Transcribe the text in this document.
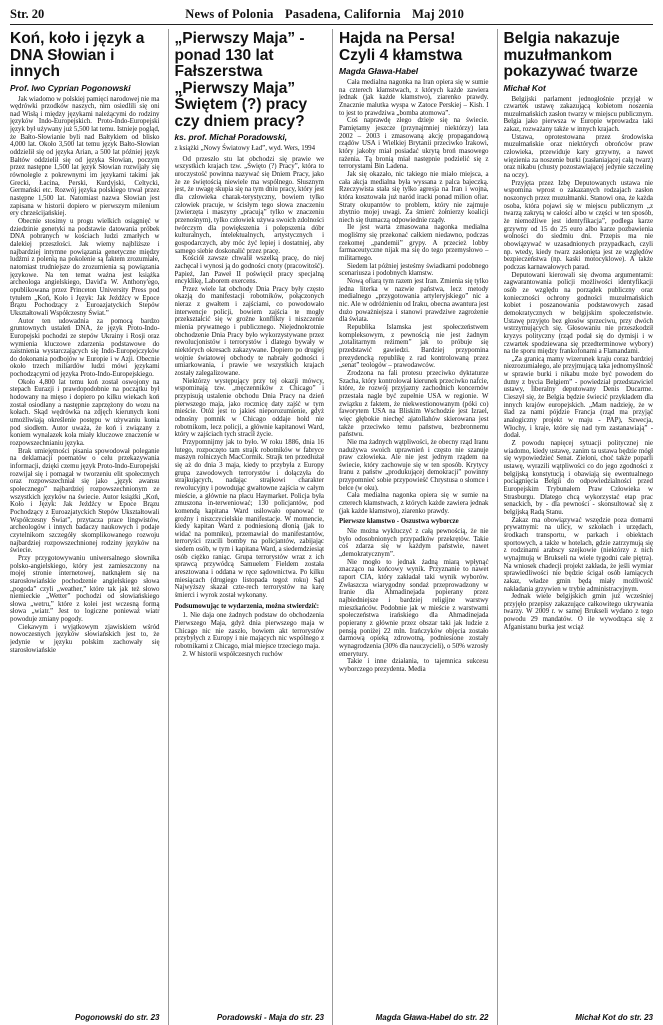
Str. 20	News of Polonia Pasadena, California Maj 2010
Koń, koło i język a DNA Słowian i innych
Prof. Iwo Cyprian Pogonowski

Jak wiadomo w polskiej pamięci narodowej nie ma wędrówki przodków naszych, nim osiedlili się oni nad Wisłą i między językami należącymi do rodziny języków Indo-Europejskich. Proto-Indo-Europejski język był używany już 5,500 lat temu. Istnieje pogląd, że Bałto-Słowianie byli nad Bałtykiem od blisko 4,000 lat. Około 3,500 lat temu język Bałto-Słowian oddzielił się od języka Arian, a 500 lat później język Bałtów oddzielił się od języka Słowian, poczym przez następne 1,500 lat język Słowian rozwijały się równolegle z pokrewnymi im językami takimi jak Grecki, Łacina, Perski, Kurdyjski, Celtycki, Germański etc. Rozwój języka polskiego trwał przez następne 1,500 lat. Natomiast nazwa Słowian jest zapisana w historii dopiero w pierwszym milenium ery chrześcijańskiej.

Obecnie stosimy u progu wielkich osiągnięć w dziedzinie genetyki na podstawie datowania próbek DNA pobranych w kościach ludzi zmarłych w dalekiej przeszłości. Jak wiemy najbliższe i najbardziej intymne powiązania genetyczne między ludźmi z polenią na pokolenie są faktem zrozumiałe, natomiast trudniejsze do zrozumienia są powiązania językowe. Na ten temat ważna jest książka archeologa angielskiego, David'a W. Anthony'ego, opublikowana przez Princeton University Press pod tytułem „Koń, Koło i Język: Jak Jeźdźcy w Epoce Brązu Pochodzący z Euroazjatyckich Stepów Ukształtowali Współczesny Świat.”

Autor ten udowadnia za pomocą bardzo gruntownych ustaleń DNA, że język Proto-Indo-Europejski pochodzi ze stepów Ukrainy i Rosji oraz wymienia kluczowe zdarzenia podstawowe do zaistnienia wystarczających się Indo-Europejczyków do dokonania podbojów w Europie i w Azji. Obecnie około trzech miliardów ludzi mówi językami pochodzącymi od języka Proto-Indo-Europejskiego.

Około 4,800 lat temu koń został oswojony na stepach Eurazji i prawdopodobnie na początku był hodowany na mięso i dopiero po kilku wiekach koń został osiodłany a następnie zaprzężony do wozu na kołach. Skąd wędrówka na zdjęch kierunych koni umożliwiają określenie postępu w używaniu konia pod siodłem. Autor uważa, że koń i związany z koniem wynalazek koła miały kluczowe znaczenie w rozpowszechnianiu języka.

Brak umiejętności pisania spowodował poleganie na deklamacji poematów o celu przekazywania informacji, dzięki czemu język Proto-Indo-Europejski rozwijał się i pomagał w tworzeniu elit społecznych oraz rozpowszechniał się jako „język awansu społecznego” najbardziej rozpowszechnionym ze wszystkich języków na świecie. Autor książki „Koń, Koło i Język: Jak Jeźdźcy w Epoce Brązu Pochodzący z Euroazjatyckich Stepów Ukształtowali Współczesny Świat”, przytacza prace lingwistów, archeologów i innych badaczy naukowych i podaje czytelnikom szczegóły skomplikowanego rozwoju najbardziej rozpowszechnionej rodziny języków na świecie.

Przy przygotowywaniu uniwersalnego słownika polsko-angielskiego, który jest zamieszczony na mojej stronie internetowej, natknąłem się na starosłowiańskie pochodzenie angielskiego słowa „pogoda” czyli „weather,” które tak jak też słowo niemieckie „Wetter” pochodzi od słowiańskiego słowa „wetru,” które z kolei jest wczesną formą słowa „wiatr.” Jest to logiczne ponieważ wiatr powoduje zmiany pogody.

Ciekawym i wyjątkowym zjawiskiem wśród nowoczesnych języków słowiańskich jest to, że jedynie w języku polskim zachowały się starosłowiańskie

Pogonowski do str. 23
„Pierwszy Maja” - ponad 130 lat Fałszerstwa „Pierwszy Maja” Świętem (?) pracy czy dniem pracy?
ks. prof. Michał Poradowski,
z książki „Nowy Światowy Ład”, wyd. Wers, 1994

Od przeszło stu lat obchodzi się prawie we wszystkich krajach tzw. „Święto (?) Pracy”, która to uroczystość powinna nazywać się Dniem Pracy, jako że ze świętością niewiele ma wspólnego. Słusznym jest, że uwagę skupia się na tym dniu pracy, który jest dla człowieka charak-terystyczny, bowiem tylko człowiek pracuje, w ścisłym tego słowa znaczeniu (zwierzęta i maszyny „pracują” tylko w znaczeniu przenośnym), tylko człowiek używa swoich zdolności twórczym dla powiększenia i polepszenia dóbr kulturalnych, intelektualnych, artystycznych i gospodarczych, aby móc żyć lepiej i dostatniej, aby samego siebie doskonalić przez pracę.

Kościół zawsze chwalił wszelką pracę, do niej zachęcał i wynosi ją do godności cnoty (pracowitość). Papież, Jan Paweł II poświęcił pracy specjalną encyklikę, Laborem exercens.

Przez wiele lat obchody Dnia Pracy były często okazją do manifestacji robotników, połączonych nieraz z gwałtem i zajściami, co powodowało interwencje policji, bowiem zajścia te mogły przekształcić się w groźne konflikty i niszczenie mienia prywatnego i publicznego. Niejednokrotnie obchodzenie Dnia Pracy było wykorzystywane przez rewolucjonistów i terrorystów i dlatego bywały w niektórych okresach zakazywane. Dopiero po drugiej wojnie światowej obchody te nabrały godności i umiarkowania, i prawie we wszystkich krajach zostały zalegalizowane.

Niektórzy występujący przy tej okazji mówcy, wspominają tzw. „męczenników z Chicago” i przypisują ustalenie obchodu Dnia Pracy na dzień pierwszego maja, jako rocznicę daty zajść w tym mieście. Otóż jest to jakieś nieporozumienie, gdyż odnośny pomnik w Chicago oddaje hołd nie robotnikom, lecz policji, a głównie kapitanowi Ward, który w zajściach tych stracił życie.

Przypomnijmy jak to było. W roku 1886, dnia 16 lutego, rozpoczęto tam strajk robotników w fabryce maszyn rolniczych MacCormik. Strajk ten przedłużał się aż do dnia 3 maja, kiedy to przybyła z Europy grupa zawodowych terrorystów i dołączyła do strajkujących, nadając strajkowi charakter rewolucyjny i powodując gwałtowne zajścia w całym mieście, a głównie na placu Haymarket. Policja była zmuszona in-terweniować; 130 policjantów, pod komendą kapitana Ward usiłowało opanować te groźny i niszczycielskie manifestacje. W momencie, kiedy kapitan Ward z podniesioną dłonią (jak to widać na pomniku), przemawiał do manifestantów, terroryści rzucili bomby na policjantów, zabijając siedem osób, w tym i kapitana Ward, a siedemdziesiąt osób ciężko raniąc. Grupa terrorystów wraz z ich sprawcą przywódcą Samuelem Fieldem została aresztowana i oddana w ręce sądownictwa. Po kilku miesiącach (drugiego listopada tegoż roku) Sąd Najwyższy skazał czte-rech terrorystów na karę śmierci i wyrok został wykonany.

Podsumowując te wydarzenia, można stwierdzić:

1. Nie daja one żadnych podstaw do obchodzenia Pierwszego Maja, gdyż dnia pierwszego maja w Chicago nic nie zaszło, bowiem akt terrorystów przybyłych z Europy i nie mających nic wspólnego z robotnikami z Chicago, miał miejsce trzeciego maja.

2. W historii współczesnych ruchów

Poradowski - Maja do str. 23
Hajda na Persa! Czyli 4 kłamstwa
Magda Gława-Habel

Cała medialna nagonka na Iran opiera się w sumie na czterech kłamstwach, z których każde zawiera jednak (jak każde kłamstwo), ziarenko prawdy. Znacznie malutka wyspa w Zatoce Perskiej – Kish. I to jest to prawdziwa „bomba atomowa”.

Coś naprawdę złego dzieje się na świecie. Pamiętamy jeszcze (przynajmniej niektórzy) lata 2002 – 2003 i zmasowaną akcję propagandową rządów USA i Wielkiej Brytanii przeciwko Irakowi, który jakoby miał posiadać ukrytą broń masowego rażenia. Tą bronią miał następnie podzielić się z terrorystami Bin Ladena.

Jak się okazało, nic takiego nie miało miejsca, a cała akcja medialna była wyssana z palca bajeczką. Rzeczywista stała się tylko agresja na Iran i wojna, która kosztowała już naród iracki ponad milion ofiar. Straty okupantów to problem, który nie zajmuje zbytnio mojej uwagi. Za śmierć żołnierzy koalicji niech się tłumaczą odpowiednie rządy.

Ile jest warta zmasowana nagonka medialna mogliśmy się przekonać całkiem niedawno, podczas rzekomej „pandemii” grypy. A przecież lobby farmaceutyczne nijak ma się do tego przemysłowo – militarnego.

Siedem lat później jesteśmy świadkami podobnego scenariusza i podobnych kłamstw.

Nową ofiarą tym razem jest Iran. Zmienia się tylko jedna literka w nazwie państwa, lecz metody medialnego „przygotowania artyleryjskiego” nic a nic. Ale w odróżnieniu od Iraku, obecna awantura jest dużo poważniejsza i stanowi prawdziwe zagrożenie dla świata.

Republika Islamska jest społeczeństwem kompleksowym, z pewnością nie jest żadnym „totalitarnym reżimem” jak to próbuje się przedstawić gawiedzi. Bardziej przypomina prezydencką republikę z rad kontrolowaną przez „senat” teologów – prawodawców.

Zrodzona na fali protesu przeciwko dyktaturze Szacha, który kontrolował kierunek przeciwko nafcie, które, że rozwój przyjazny zachodnich koncernów przestała nagle być zupełnie USA w regionie. W związku z faktem, że niekwestionowanym (póki co) faworytem USA na Bliskim Wschodzie jest Izrael, więc głębokie niechęć ajatollahów skierowana jest także przeciwko temu państwu, bezbronnemu państwu.

Nie ma żadnych wątpliwości, że obecny rząd Iranu nadużywa swoich uprawnień i często nie szanuje praw człowieka. Ale nie jest jednym rządem na świecie, który zachowuje się w ten sposób. Krytycy Iranu z państw „produkującej demokracji” powinny przypomnieć sobie przypowieść Chrystusa o słomce i belce (w oku).

Cała medialna nagonka opiera się w sumie na czterech kłamstwach, z których każde zawiera jednak (jak każde kłamstwo), ziarenko prawdy.

Pierwsze kłamstwo - Oszustwa wyborcze

Nie można wykluczyć z całą pewnością, że nie było odosobnionych przypadków przekrętów. Takie coś zdarza się w każdym państwie, nawet „demokratycznym”.

Nie mogło to jednak żadną miarą wpłynąć znacząco na końcowy wynik. Przyznanie to nawet raport CIA, który zakładał taki wynik wyborów. Zwłaszcza wiarygodny sondaż przeprowadzony w Iranie dla Ahmadinejada popierany przez najbiedniejsze i bardziej religijne warstwy mieszkańców. Podobnie jak w mieście z warstwami społeczeństwa irańskiego dla Ahmadinejada popierany z głównie przez obszar taki jak ludzie z pensją poniżej 22 mln. Irańczyków objęcia zostało darmową opieką zdrowotną, podniesione zostały wynagrodzenia (30% dla nauczycieli), o 50% wzrosły emerytury.

Takie i inne działania, to tajemnica sukcesu wyborczego prezydenta. Media

Magda Gława-Habel do str. 22
Belgia nakazuje muzułmankom pokazywać twarze
Michał Kot

Belgijski parlament jednogłośnie przyjął w czwartek ustawę zakazującą kobietom noszenia muzułmańskich zasłon twarzy w miejscu publicznym. Belgia jako pierwsza w Europie wprowadza taki zakaz, rozważany także w innych krajach.

Ustawa, oprotestowana przez środowiska muzułmańskie oraz niektórych obrońców praw człowieka, przewiduje kary grzywny, a nawet więzienia za noszenie burki (zasłaniającej całą twarz) oraz nikabu (chusty pozostawiającej jedynie szczelinę na oczy).

Przyjęta przez Izbę Deputowanych ustawa nie wspomina wprost o zakazanych rodzajach zasłon noszonych przez muzułmanki. Stanowi ona, że każda osoba, która pojawi się w miejscu publicznym „z twarzą zakrytą w całości albo w części w ten sposób, że niemożliwe jest identyfikacja”, podlega karze grzywny od 15 do 25 euro albo karze pozbawienia wolności do siedmiu dni. Przepis ma nie obowiązywać w uzasadnionych przypadkach, czyli np. wtedy, kiedy twarz zasłonięta jest ze względów bezpieczeństwa (np. kaski motocyklowe). A także podczas karnawałowych parad.

Deputowani kierowali się dwoma argumentami: zagwarantowania policji możliwości identyfikacji osób ze względu na porządek publiczny oraz konieczności ochrony godności muzułmańskich kobiet i poszanowania podstawowych zasad demokratycznych w belgijskim społeczeństwie. Ustawę przyjęto bez głosów sprzeciwu, przy dwóch wstrzymujących się. Głosowaniu nie przeszkodził kryzys polityczny (rząd podał się do dymisji i w czwartek spodziewana się przedterminowe wybory) na tle sporu między frankofonami a Flamandami.

„Za granicą mamy wizerunek kraju coraz bardziej niezrozumiałego, ale przyjmującą taka jednomyślność w sprawie burki i nikabu może być powodem do dumy z bycia Belgiem” - powiedział przedstawiciel ustawy, liberalny deputowany Denis Ducarme. Cieszył się, że Belgia będzie świecić przykładem dla innych krajów europejskich. „Mam nadzieję, że w ślad za nami pójdzie Francja (rząd ma przyjąć analogiczny projekt w maju - PAP), Szwecja, Włochy, i kraje, które się nad tym zastanawiają” - dodał.

Z powodu napięcej sytuacji politycznej nie wiadomo, kiedy ustawę, zanim ta ustawa będzie mógł się wypowiedzieć Senat. Zieloni, choć także poparli ustawę, wyrazili wątpliwości co do jego zgodności z belgijską konstytucją i obawiają się ewentualnego pociągnięcia Belgii do odpowiedzialności przed Europejskim Trybunałem Praw Człowieka w Strasburgu. Dlatego chcą wykorzystać etap prac senackich, by - dla pewności - skonsultować się z belgijską Radą Stanu.

Zakaz ma obowiązywać wszędzie poza domami prywatnymi: na ulicy, w szkołach i urzędach, środkach transportu, w parkach i obiektach sportowych, a także w hotelach, gdzie zatrzymują się z rodzinami arabscy szejkowie (niektórzy z nich wynajmują w Brukseli na wiele tygodni całe piętra). Na wniosek chadecji projekt zakłada, że jeśli wymiar sprawiedliwości nie będzie ścigał osób łamiących zakaz, władze gmin będą miały możliwość nakładania grzywien w trybie administracyjnym.

Jednak wiele belgijskich gmin już wcześniej przyjęło przepisy zakazujące całkowitego ukrywania twarzy. W 2009 r. w samej Brukseli wydano z tego powodu 29 mandatów. O ile wywodząca się z Afganistanu burka jest wciąż

Michał Kot do str. 23
